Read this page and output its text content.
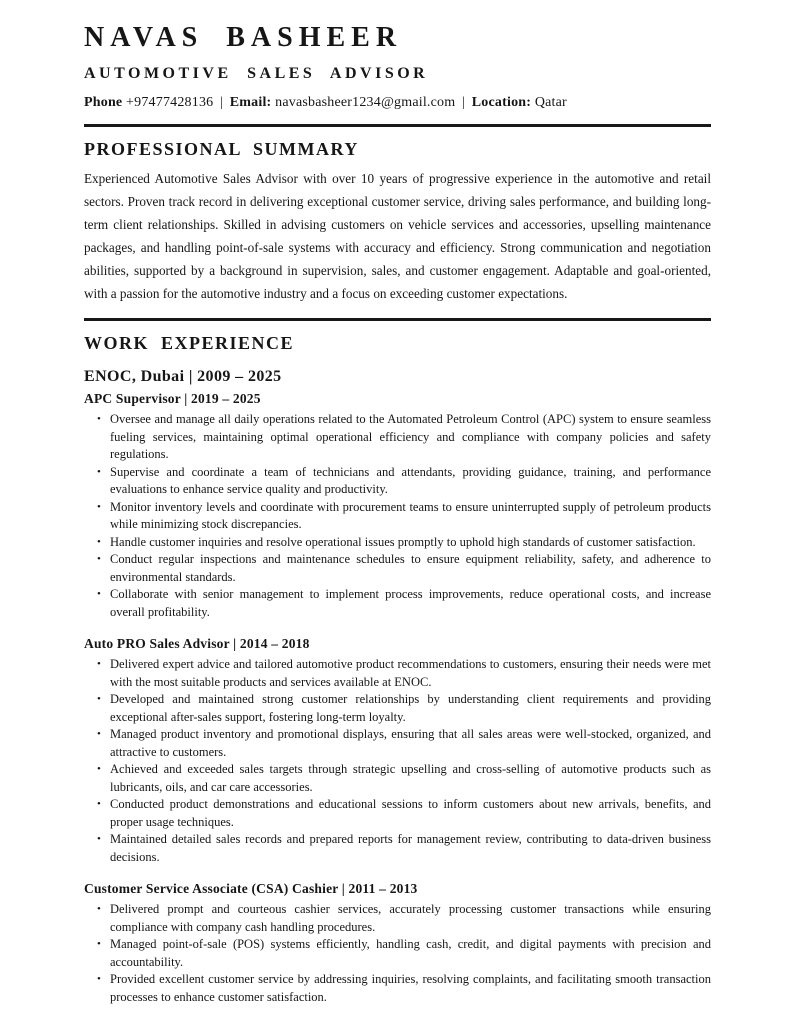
NAVAS BASHEER
AUTOMOTIVE SALES ADVISOR

Phone +97477428136 | Email: navasbasheer1234@gmail.com | Location: Qatar

PROFESSIONAL SUMMARY

Experienced Automotive Sales Advisor with over 10 years of progressive experience in the automotive and retail sectors. Proven track record in delivering exceptional customer service, driving sales performance, and building long-term client relationships. Skilled in advising customers on vehicle services and accessories, upselling maintenance packages, and handling point-of-sale systems with accuracy and efficiency. Strong communication and negotiation abilities, supported by a background in supervision, sales, and customer engagement. Adaptable and goal-oriented, with a passion for the automotive industry and a focus on exceeding customer expectations.

WORK EXPERIENCE
ENOC, Dubai | 2009 – 2025
APC Supervisor | 2019 – 2025
• Oversee and manage all daily operations related to the Automated Petroleum Control (APC) system to ensure seamless fueling services, maintaining optimal operational efficiency and compliance with company policies and safety regulations.
• Supervise and coordinate a team of technicians and attendants, providing guidance, training, and performance evaluations to enhance service quality and productivity.
• Monitor inventory levels and coordinate with procurement teams to ensure uninterrupted supply of petroleum products while minimizing stock discrepancies.
• Handle customer inquiries and resolve operational issues promptly to uphold high standards of customer satisfaction.
• Conduct regular inspections and maintenance schedules to ensure equipment reliability, safety, and adherence to environmental standards.
• Collaborate with senior management to implement process improvements, reduce operational costs, and increase overall profitability.
Auto PRO Sales Advisor | 2014 – 2018
• Delivered expert advice and tailored automotive product recommendations to customers, ensuring their needs were met with the most suitable products and services available at ENOC.
• Developed and maintained strong customer relationships by understanding client requirements and providing exceptional after-sales support, fostering long-term loyalty.
• Managed product inventory and promotional displays, ensuring that all sales areas were well-stocked, organized, and attractive to customers.
• Achieved and exceeded sales targets through strategic upselling and cross-selling of automotive products such as lubricants, oils, and car care accessories.
• Conducted product demonstrations and educational sessions to inform customers about new arrivals, benefits, and proper usage techniques.
• Maintained detailed sales records and prepared reports for management review, contributing to data-driven business decisions.
Customer Service Associate (CSA) Cashier | 2011 – 2013
• Delivered prompt and courteous cashier services, accurately processing customer transactions while ensuring compliance with company cash handling procedures.
• Managed point-of-sale (POS) systems efficiently, handling cash, credit, and digital payments with precision and accountability.
• Provided excellent customer service by addressing inquiries, resolving complaints, and facilitating smooth transaction processes to enhance customer satisfaction.
